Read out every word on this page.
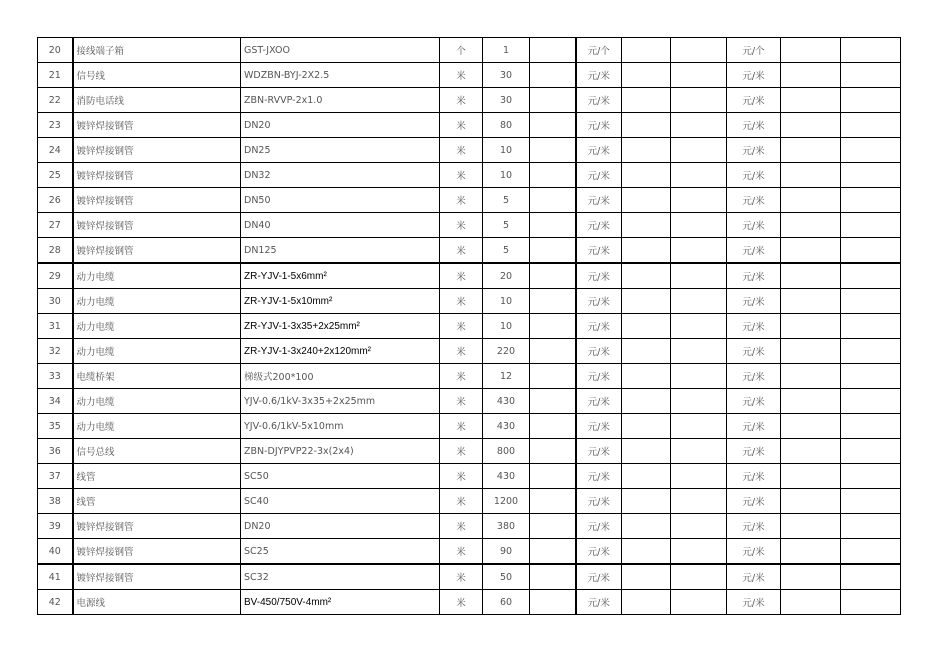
20	接线端子箱	GST-JXOO	个	1		元/个			元/个		
21	信号线	WDZBN-BYJ-2X2.5	米	30		元/米			元/米		
22	消防电话线	ZBN-RVVP-2x1.0	米	30		元/米			元/米		
23	镀锌焊接钢管	DN20	米	80		元/米			元/米		
24	镀锌焊接钢管	DN25	米	10		元/米			元/米		
25	镀锌焊接钢管	DN32	米	10		元/米			元/米		
26	镀锌焊接钢管	DN50	米	5		元/米			元/米		
27	镀锌焊接钢管	DN40	米	5		元/米			元/米		
28	镀锌焊接钢管	DN125	米	5		元/米			元/米		
29	动力电缆	ZR-YJV-1-5x6mm²	米	20		元/米			元/米		
30	动力电缆	ZR-YJV-1-5x10mm²	米	10		元/米			元/米		
31	动力电缆	ZR-YJV-1-3x35+2x25mm²	米	10		元/米			元/米		
32	动力电缆	ZR-YJV-1-3x240+2x120mm²	米	220		元/米			元/米		
33	电缆桥架	梯级式200*100	米	12		元/米			元/米		
34	动力电缆	YJV-0.6/1kV-3x35+2x25mm	米	430		元/米			元/米		
35	动力电缆	YJV-0.6/1kV-5x10mm	米	430		元/米			元/米		
36	信号总线	ZBN-DJYPVP22-3x(2x4)	米	800		元/米			元/米		
37	线管	SC50	米	430		元/米			元/米		
38	线管	SC40	米	1200		元/米			元/米		
39	镀锌焊接钢管	DN20	米	380		元/米			元/米		
40	镀锌焊接钢管	SC25	米	90		元/米			元/米		
41	镀锌焊接钢管	SC32	米	50		元/米			元/米		
42	电源线	BV-450/750V-4mm²	米	60		元/米			元/米		
